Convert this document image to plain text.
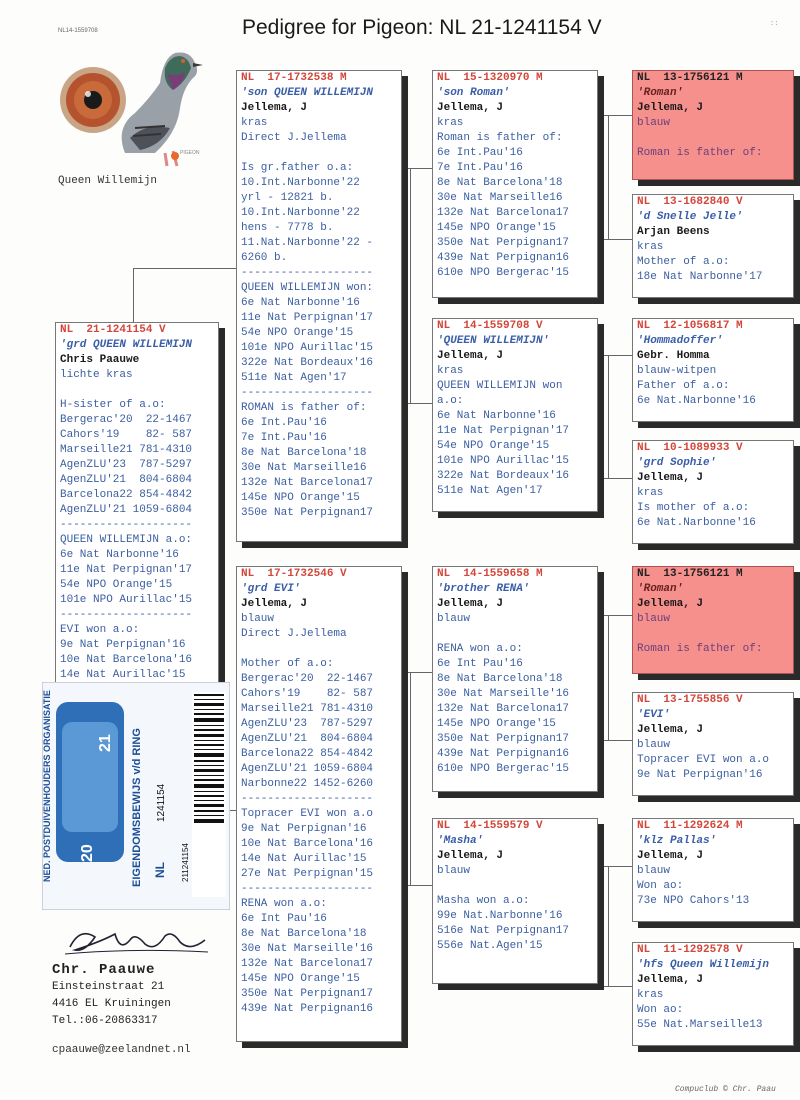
Pedigree for Pigeon: NL 21-1241154 V	::
NL14-1559708
PIGEON
Queen Willemijn
NL  21-1241154 V
'grd QUEEN WILLEMIJN
Chris Paauwe
lichte kras
H-sister of a.o:
Bergerac'20  22-1467
Cahors'19    82- 587
Marseille21 781-4310
AgenZLU'23  787-5297
AgenZLU'21  804-6804
Barcelona22 854-4842
AgenZLU'21 1059-6804
--------------------
QUEEN WILLEMIJN a.o:
6e Nat Narbonne'16
11e Nat Perpignan'17
54e NPO Orange'15
101e NPO Aurillac'15
--------------------
EVI won a.o:
9e Nat Perpignan'16
10e Nat Barcelona'16
14e Nat Aurillac'15
NL  17-1732538 M
'son QUEEN WILLEMIJN
Jellema, J
kras
Direct J.Jellema
Is gr.father o.a:
10.Int.Narbonne'22
yrl - 12821 b.
10.Int.Narbonne'22
hens - 7778 b.
11.Nat.Narbonne'22 -
6260 b.
--------------------
QUEEN WILLEMIJN won:
6e Nat Narbonne'16
11e Nat Perpignan'17
54e NPO Orange'15
101e NPO Aurillac'15
322e Nat Bordeaux'16
511e Nat Agen'17
--------------------
ROMAN is father of:
6e Int.Pau'16
7e Int.Pau'16
8e Nat Barcelona'18
30e Nat Marseille16
132e Nat Barcelona17
145e NPO Orange'15
350e Nat Perpignan17
NL  17-1732546 V
'grd EVI'
Jellema, J
blauw
Direct J.Jellema
Mother of a.o:
Bergerac'20  22-1467
Cahors'19    82- 587
Marseille21 781-4310
AgenZLU'23  787-5297
AgenZLU'21  804-6804
Barcelona22 854-4842
AgenZLU'21 1059-6804
Narbonne22 1452-6260
--------------------
Topracer EVI won a.o
9e Nat Perpignan'16
10e Nat Barcelona'16
14e Nat Aurillac'15
27e Nat Perpignan'15
--------------------
RENA won a.o:
6e Int Pau'16
8e Nat Barcelona'18
30e Nat Marseille'16
132e Nat Barcelona17
145e NPO Orange'15
350e Nat Perpignan17
439e Nat Perpignan16
NL  15-1320970 M
'son Roman'
Jellema, J
kras
Roman is father of:
6e Int.Pau'16
7e Int.Pau'16
8e Nat Barcelona'18
30e Nat Marseille16
132e Nat Barcelona17
145e NPO Orange'15
350e Nat Perpignan17
439e Nat Perpignan16
610e NPO Bergerac'15
NL  14-1559708 V
'QUEEN WILLEMIJN'
Jellema, J
kras
QUEEN WILLEMIJN won
a.o:
6e Nat Narbonne'16
11e Nat Perpignan'17
54e NPO Orange'15
101e NPO Aurillac'15
322e Nat Bordeaux'16
511e Nat Agen'17
NL  14-1559658 M
'brother RENA'
Jellema, J
blauw
RENA won a.o:
6e Int Pau'16
8e Nat Barcelona'18
30e Nat Marseille'16
132e Nat Barcelona17
145e NPO Orange'15
350e Nat Perpignan17
439e Nat Perpignan16
610e NPO Bergerac'15
NL  14-1559579 V
'Masha'
Jellema, J
blauw
Masha won a.o:
99e Nat.Narbonne'16
516e Nat Perpignan17
556e Nat.Agen'15
NL  13-1756121 M
'Roman'
Jellema, J
blauw
Roman is father of:
NL  13-1682840 V
'd Snelle Jelle'
Arjan Beens
kras
Mother of a.o:
18e Nat Narbonne'17
NL  12-1056817 M
'Hommadoffer'
Gebr. Homma
blauw-witpen
Father of a.o:
6e Nat.Narbonne'16
NL  10-1089933 V
'grd Sophie'
Jellema, J
kras
Is mother of a.o:
6e Nat.Narbonne'16
NL  13-1756121 M
'Roman'
Jellema, J
blauw
Roman is father of:
NL  13-1755856 V
'EVI'
Jellema, J
blauw
Topracer EVI won a.o
9e Nat Perpignan'16
NL  11-1292624 M
'klz Pallas'
Jellema, J
blauw
Won ao:
73e NPO Cahors'13
NL  11-1292578 V
'hfs Queen Willemijn
Jellema, J
kras
Won ao:
55e Nat.Marseille13
NED. POSTDUIVENHOUDERS ORGANISATIE	EIGENDOMSBEWIJS v/d RING
20
21
NL
1241154
211241154
Chr. Paauwe
Einsteinstraat 21
4416 EL Kruiningen
Tel.:06-20863317
cpaauwe@zeelandnet.nl
Compuclub © Chr. Paau
